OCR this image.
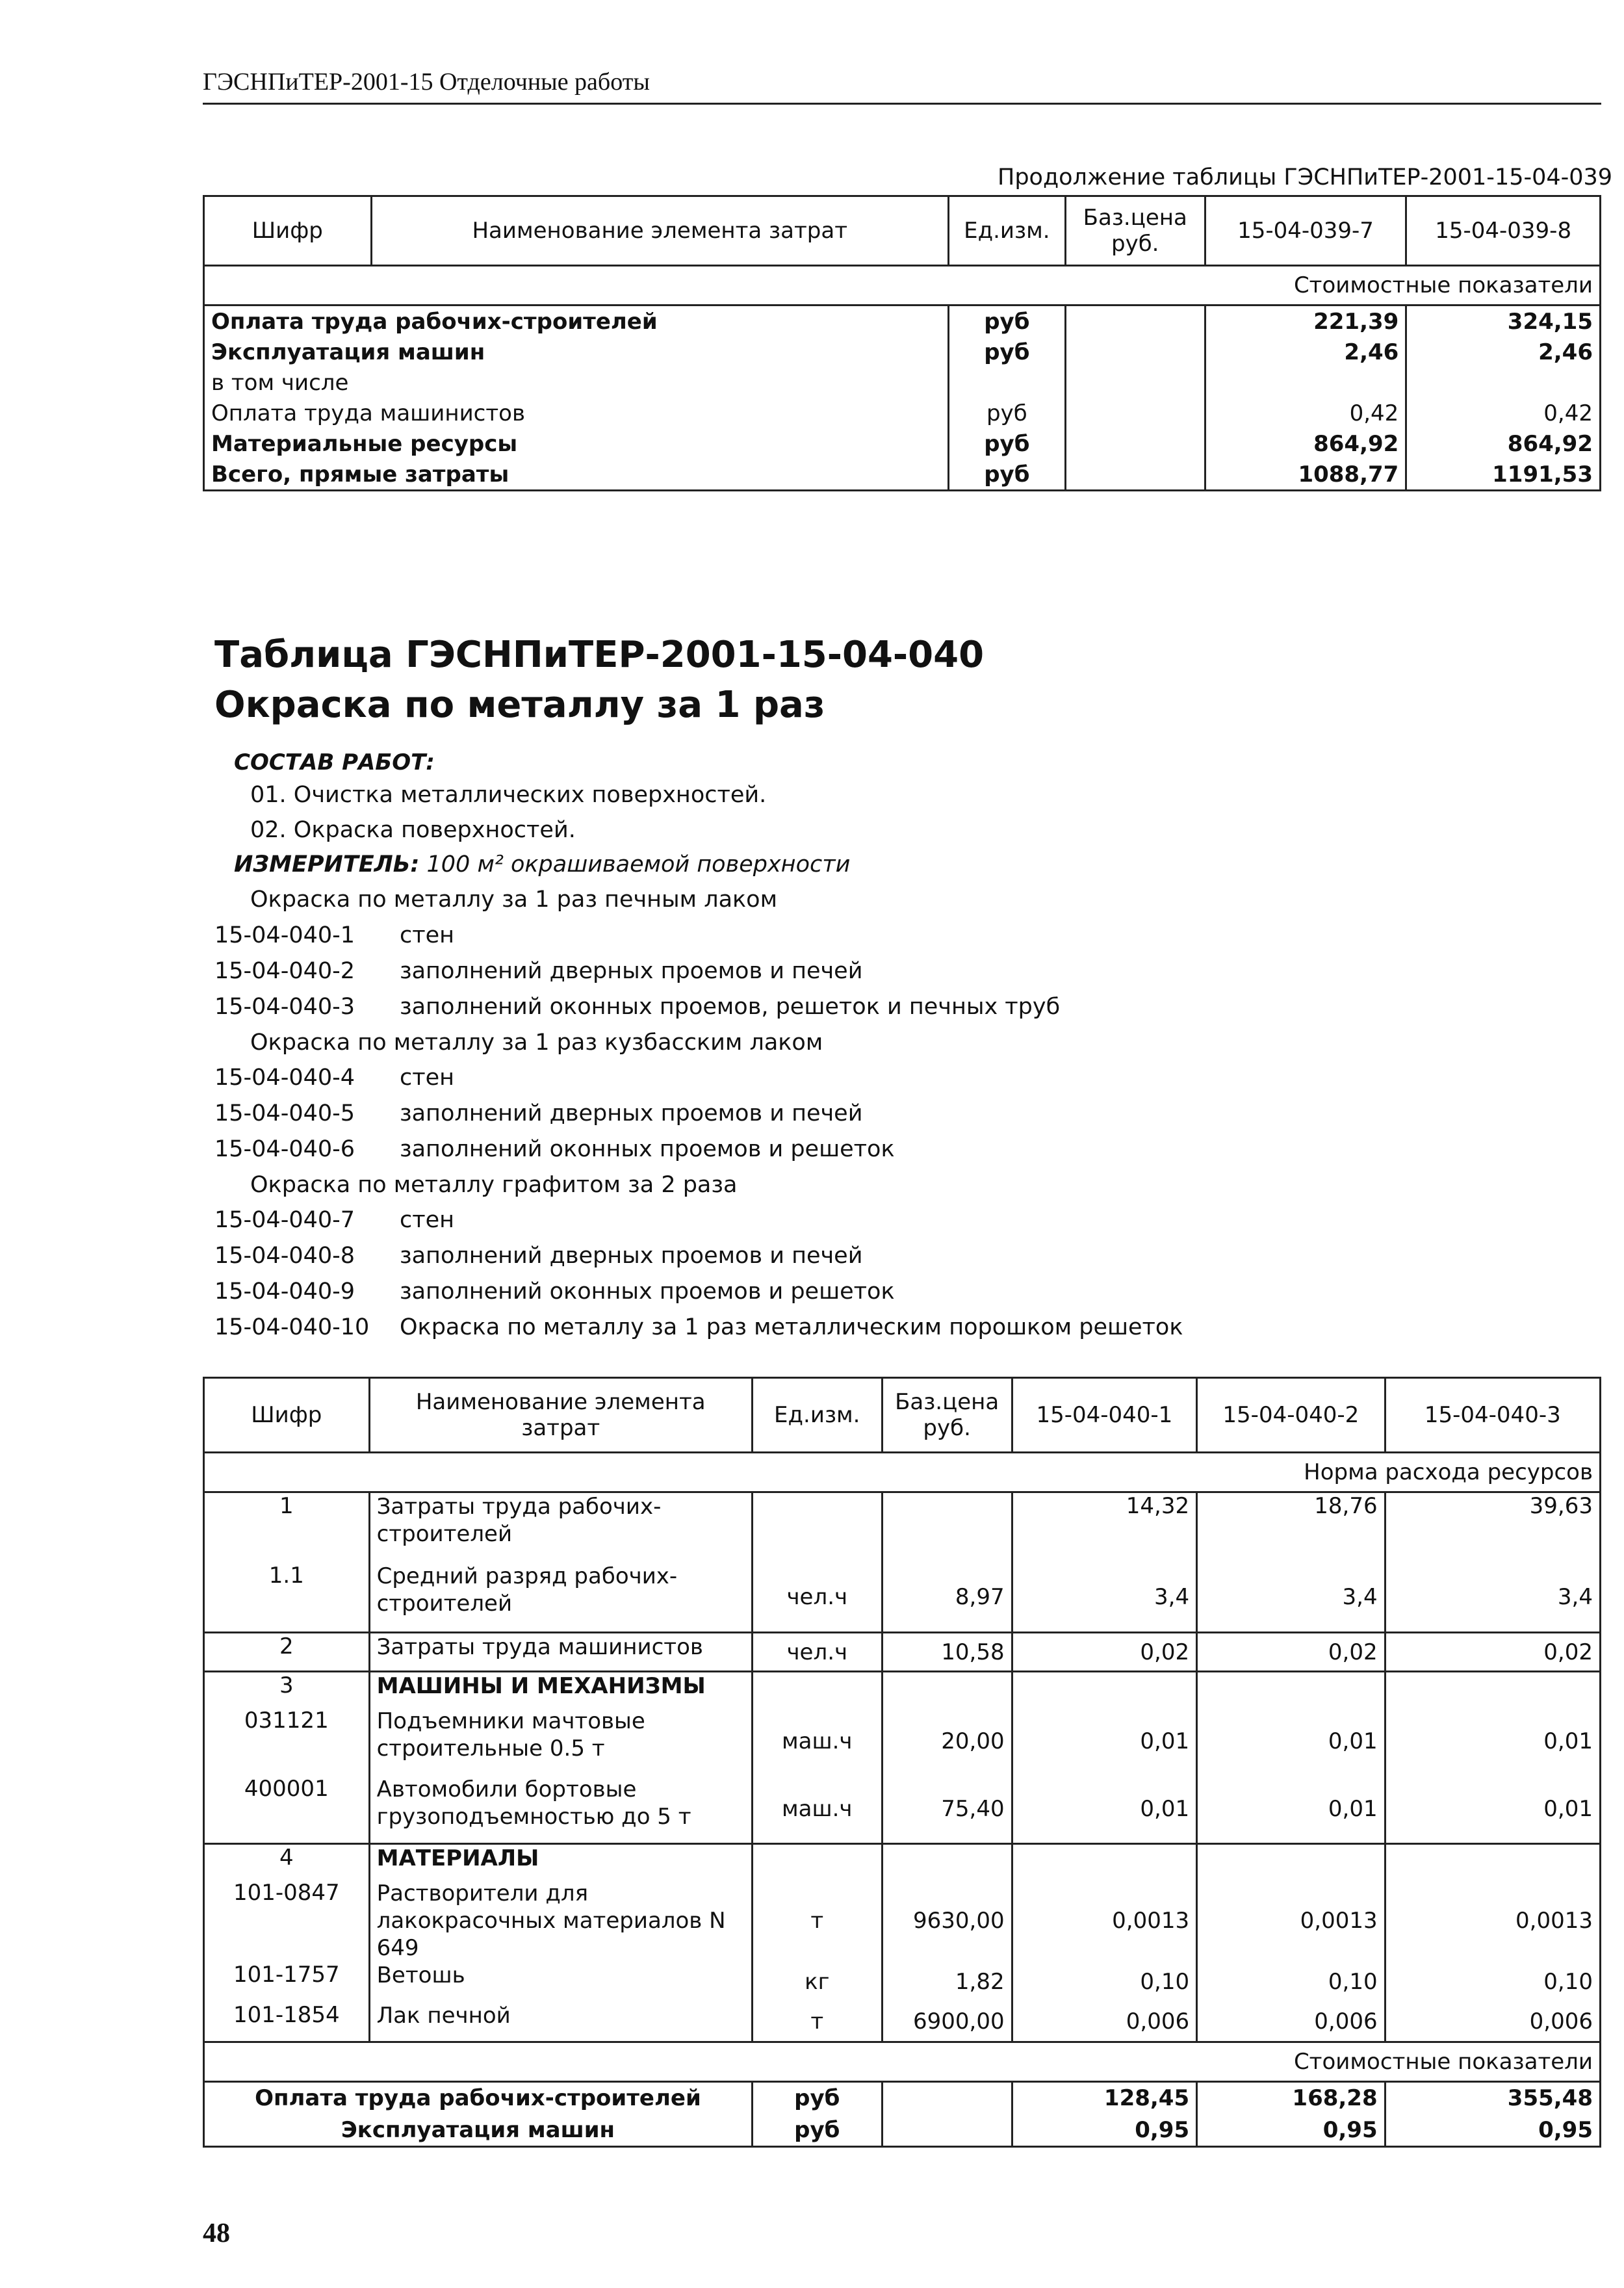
ГЭСНПиТЕР-2001-15 Отделочные работы
Продолжение таблицы ГЭСНПиТЕР-2001-15-04-039
Шифр	Наименование элемента затрат	Ед.изм.	Баз.цена руб.	15-04-039-7	15-04-039-8
Стоимостные показатели					
Оплата труда рабочих-строителей		руб		221,39	324,15
Эксплуатация машин		руб		2,46	2,46
в том числе					
Оплата труда машинистов		руб		0,42	0,42
Материальные ресурсы		руб		864,92	864,92
Всего, прямые затраты		руб		1088,77	1191,53
Таблица ГЭСНПиТЕР-2001-15-04-040
Окраска по металлу за 1 раз
СОСТАВ РАБОТ:
01. Очистка металлических поверхностей.
02. Окраска поверхностей.
ИЗМЕРИТЕЛЬ: 100 м² окрашиваемой поверхности
Окраска по металлу за 1 раз печным лаком
15-04-040-1 стен
15-04-040-2 заполнений дверных проемов и печей
15-04-040-3 заполнений оконных проемов, решеток и печных труб
Окраска по металлу за 1 раз кузбасским лаком
15-04-040-4 стен
15-04-040-5 заполнений дверных проемов и печей
15-04-040-6 заполнений оконных проемов и решеток
Окраска по металлу графитом за 2 раза
15-04-040-7 стен
15-04-040-8 заполнений дверных проемов и печей
15-04-040-9 заполнений оконных проемов и решеток
15-04-040-10 Окраска по металлу за 1 раз металлическим порошком решеток
Шифр	Наименование элемента затрат	Ед.изм.	Баз.цена руб.	15-04-040-1	15-04-040-2	15-04-040-3
Норма расхода ресурсов						
1	Затраты труда рабочих-строителей			14,32	18,76	39,63
1.1	Средний разряд рабочих-строителей	чел.ч	8,97	3,4	3,4	3,4
2	Затраты труда машинистов	чел.ч	10,58	0,02	0,02	0,02
3	МАШИНЫ И МЕХАНИЗМЫ					
031121	Подъемники мачтовые строительные 0.5 т	маш.ч	20,00	0,01	0,01	0,01
400001	Автомобили бортовые грузоподъемностью до 5 т	маш.ч	75,40	0,01	0,01	0,01
4	МАТЕРИАЛЫ					
101-0847	Растворители для лакокрасочных материалов N 649	т	9630,00	0,0013	0,0013	0,0013
101-1757	Ветошь	кг	1,82	0,10	0,10	0,10
101-1854	Лак печной	т	6900,00	0,006	0,006	0,006
Стоимостные показатели						
Оплата труда рабочих-строителей		руб		128,45	168,28	355,48
Эксплуатация машин		руб		0,95	0,95	0,95
48
